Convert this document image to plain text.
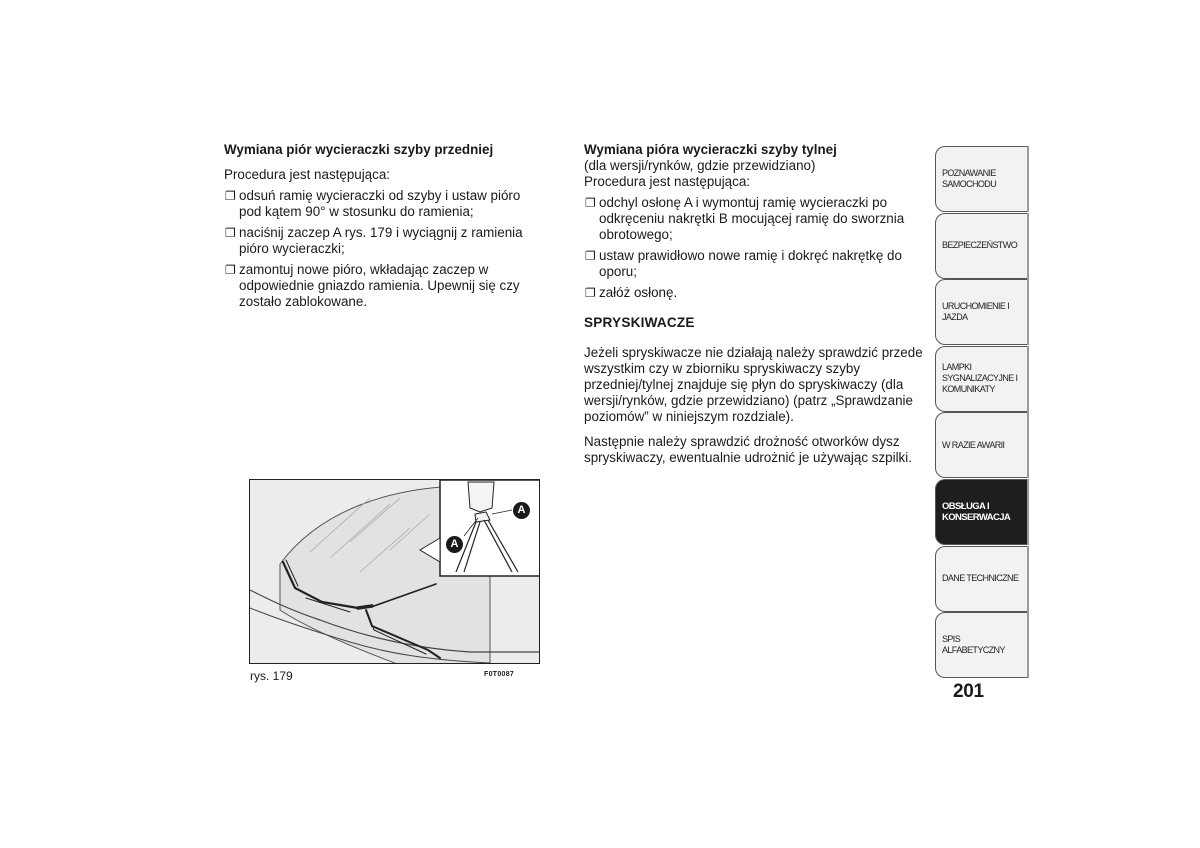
Wymiana piór wycieraczki szyby przedniej

Procedura jest następująca:

❐ odsuń ramię wycieraczki od szyby i ustaw pióro pod kątem 90° w stosunku do ramienia;
❐ naciśnij zaczep A rys. 179 i wyciągnij z ramienia pióro wycieraczki;
❐ zamontuj nowe pióro, wkładając zaczep w odpowiednie gniazdo ramienia. Upewnij się czy zostało zablokowane.

Wymiana pióra wycieraczki szyby tylnej

(dla wersji/rynków, gdzie przewidziano)

Procedura jest następująca:

❐ odchyl osłonę A i wymontuj ramię wycieraczki po odkręceniu nakrętki B mocującej ramię do sworznia obrotowego;
❐ ustaw prawidłowo nowe ramię i dokręć nakrętkę do oporu;
❐ załóż osłonę.

SPRYSKIWACZE

Jeżeli spryskiwacze nie działają należy sprawdzić przede wszystkim czy w zbiorniku spryskiwaczy szyby przedniej/tylnej znajduje się płyn do spryskiwaczy (dla wersji/rynków, gdzie przewidziano) (patrz „Sprawdzanie poziomów” w niniejszym rozdziale).

Następnie należy sprawdzić drożność otworków dysz spryskiwaczy, ewentualnie udrożnić je używając szpilki.

A
A
rys. 179	F0T0087
POZNAWANIE SAMOCHODU
BEZPIECZEŃSTWO
URUCHOMIENIE I JAZDA
LAMPKI SYGNALIZACYJNE I KOMUNIKATY
W RAZIE AWARII
OBSŁUGA I KONSERWACJA
DANE TECHNICZNE
SPIS ALFABETYCZNY
201
